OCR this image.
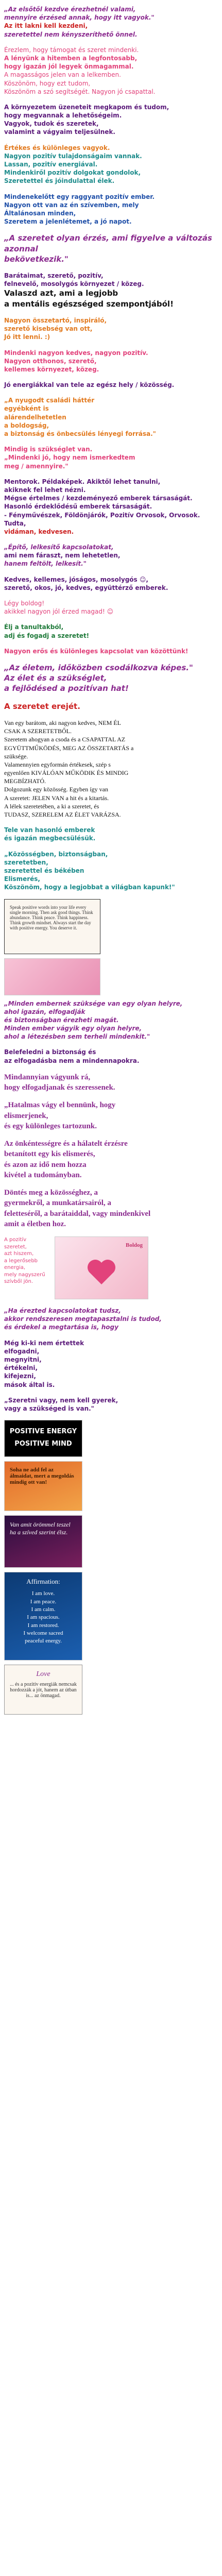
„Az elsőtől kezdve érezhetnél valami,

mennyire érzésed annak, hogy itt vagyok."

Az itt lakni kell kezdeni,

szeretettel nem kényszeríthető önnel.

Érezlem, hogy támogat és szeret mindenki.

A lényünk a hitemben a legfontosabb,

hogy igazán jól legyek önmagammal.

A magasságos jelen van a lelkemben.

Köszönöm, hogy ezt tudom,

Köszönöm a szó segítségét. Nagyon jó csapattal.

A környezetem üzeneteit megkapom és tudom,

hogy megvannak a lehetőségeim.

Vagyok, tudok és szeretek,

valamint a vágyaim teljesülnek.

Értékes és különleges vagyok.

Nagyon pozitív tulajdonságaim vannak.

Lassan, pozitív energiával.

Mindenkiről pozitív dolgokat gondolok,

Szeretettel és jóindulattal élek.

Mindenekelőtt egy raggyant pozitív ember.

Nagyon ott van az én szívemben, mely

Általánosan minden,

Szeretem a jelenlétemet, a jó napot.

„A szeretet olyan érzés, ami figyelve a változás azonnal

bekövetkezik."

Barátaimat, szerető, pozitív,

felnevelő, mosolygós környezet / közeg.

Valaszd azt, ami a legjobb

a mentális egészséged szempontjából!

Nagyon összetartó, inspiráló,

szerető kisebség van ott,

Jó itt lenni. :)

Mindenki nagyon kedves, nagyon pozitív.

Nagyon otthonos, szerető,

kellemes környezet, közeg.

Jó energiákkal van tele az egész hely / közösség.

„A nyugodt családi háttér

egyébként is

alárendelhetetlen

a boldogság,

a biztonság és önbecsülés lényegi forrása."

Mindig is szükséglet van.

„Mindenki jó, hogy nem ismerkedtem

meg / amennyire."

Mentorok. Példaképek. Akiktől lehet tanulni,

akiknek fel lehet nézni.

Mégse értelmes / kezdeményező emberek társaságát.

Hasonló érdeklődésű emberek társaságát.

- Fényművészek, Földönjárók, Pozitív Orvosok, Orvosok.

Tudta,

vidáman, kedvesen.

„Építő, lelkesítő kapcsolatokat,

ami nem fáraszt, nem lehetetlen,

hanem feltölt, lelkesít."

Kedves, kellemes, jóságos, mosolygós ☺,

szerető, okos, jó, kedves, együttérző emberek.

Légy boldog!

akikkel nagyon jól érzed magad! ☺

Élj a tanultakból,

adj és fogadj a szeretet!

Nagyon erős és különleges kapcsolat van közöttünk!

„Az életem, időközben csodálkozva képes."

Az élet és a szükséglet,

a fejlődésed a pozitívan hat!

A szeretet erejét.

Van egy barátom, aki nagyon kedves, NEM ÉL

CSAK A SZERETETBŐL.

Szeretem ahogyan a csoda és a CSAPATTAL AZ

EGYÜTTMŰKÖDÉS, MEG AZ ÖSSZETARTÁS a

szüksége.

Valamennyien egyformán értékesek, szép s

egyenlően KIVÁLÓAN MŰKÖDIK ÉS MINDIG

MEGBÍZHATÓ.

Dolgozunk egy közösség. Egyben így van

A szeretet: JELEN VAN a hit és a kitartás.

A lélek szeretetében, a ki a szeretet, és

TUDASZ, SZERELEM AZ ÉLET VARÁZSA.

Tele van hasonló emberek

és igazán megbecsülésük.

„Közösségben, biztonságban,

szeretetben,

szeretettel és békében

Elismerés,

Köszönöm, hogy a legjobbat a világban kapunk!"

Speak positive words into your life every single morning. Then ask good things. Think abundance. Think peace. Think happiness. Think growth mindset. Always start the day with positive energy. You deserve it.

„Minden embernek szüksége van egy olyan helyre,

ahol igazán, elfogadják

és biztonságban érezheti magát.

Minden ember vágyik egy olyan helyre,

ahol a létezésben sem terheli mindenkit."

Belefeledni a biztonság és

az elfogadásba nem a mindennapokra.

Mindannyian vágyunk rá,

hogy elfogadjanak és szeressenek.

„Hatalmas vágy el bennünk, hogy

elismerjenek,

és egy különleges tartozunk.

Az önkéntességre és a hálatelt érzésre

betanított egy kis elismerés,

és azon az idő nem hozza

kivétel a tudományban.

Döntés meg a közösséghez, a

gyermekről, a munkatársairól, a

feletteséről, a barátaiddal, vagy mindenkivel

amit a életben hoz.

A pozitív

szeretet,

azt hiszem,

a legerősebb

energia,

mely nagyszerű

szívből jön.

Boldog

„Ha érezted kapcsolatokat tudsz,

akkor rendszeresen megtapasztalni is tudod,

és érdekel a megtartása is, hogy

Még ki-ki nem értettek

elfogadni,

megnyitni,

értékelni,

kifejezni,

mások által is.

„Szeretni vagy, nem kell gyerek,

vagy a szükséged is van."

POSITIVE ENERGY
POSITIVE MIND
Soha ne add fel az álmaidat, mert a megoldás mindig ott van!
Van amit örömmel teszel ha a szíved szerint élsz.
Affirmation:
I am love.
I am peace.
I am calm.
I am spacious.
I am restored.
I welcome sacred
peaceful energy.
Love
... és a pozitív energiák nemcsak hordozzák a jót, hanem az útban is... az önmagad.
